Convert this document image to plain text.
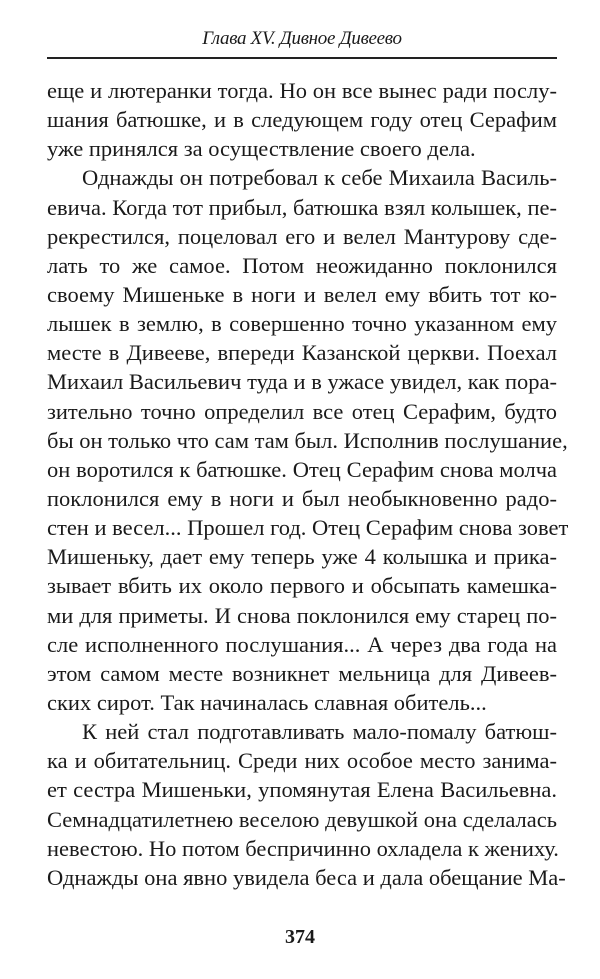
Глава XV. Дивное Дивеево
еще и лютеранки тогда. Но он все вынес ради послу-
шания батюшке, и в следующем году отец Серафим
уже принялся за осуществление своего дела.
Однажды он потребовал к себе Михаила Василь-
евича. Когда тот прибыл, батюшка взял колышек, пе-
рекрестился, поцеловал его и велел Мантурову сде-
лать то же самое. Потом неожиданно поклонился
своему Мишеньке в ноги и велел ему вбить тот ко-
лышек в землю, в совершенно точно указанном ему
месте в Дивееве, впереди Казанской церкви. Поехал
Михаил Васильевич туда и в ужасе увидел, как пора-
зительно точно определил все отец Серафим, будто
бы он только что сам там был. Исполнив послушание,
он воротился к батюшке. Отец Серафим снова молча
поклонился ему в ноги и был необыкновенно радо-
стен и весел... Прошел год. Отец Серафим снова зовет
Мишеньку, дает ему теперь уже 4 колышка и прика-
зывает вбить их около первого и обсыпать камешка-
ми для приметы. И снова поклонился ему старец по-
сле исполненного послушания... А через два года на
этом самом месте возникнет мельница для Дивеев-
ских сирот. Так начиналась славная обитель...
К ней стал подготавливать мало-помалу батюш-
ка и обитательниц. Среди них особое место занима-
ет сестра Мишеньки, упомянутая Елена Васильевна.
Семнадцатилетнею веселою девушкой она сделалась
невестою. Но потом беспричинно охладела к жениху.
Однажды она явно увидела беса и дала обещание Ма-
374
